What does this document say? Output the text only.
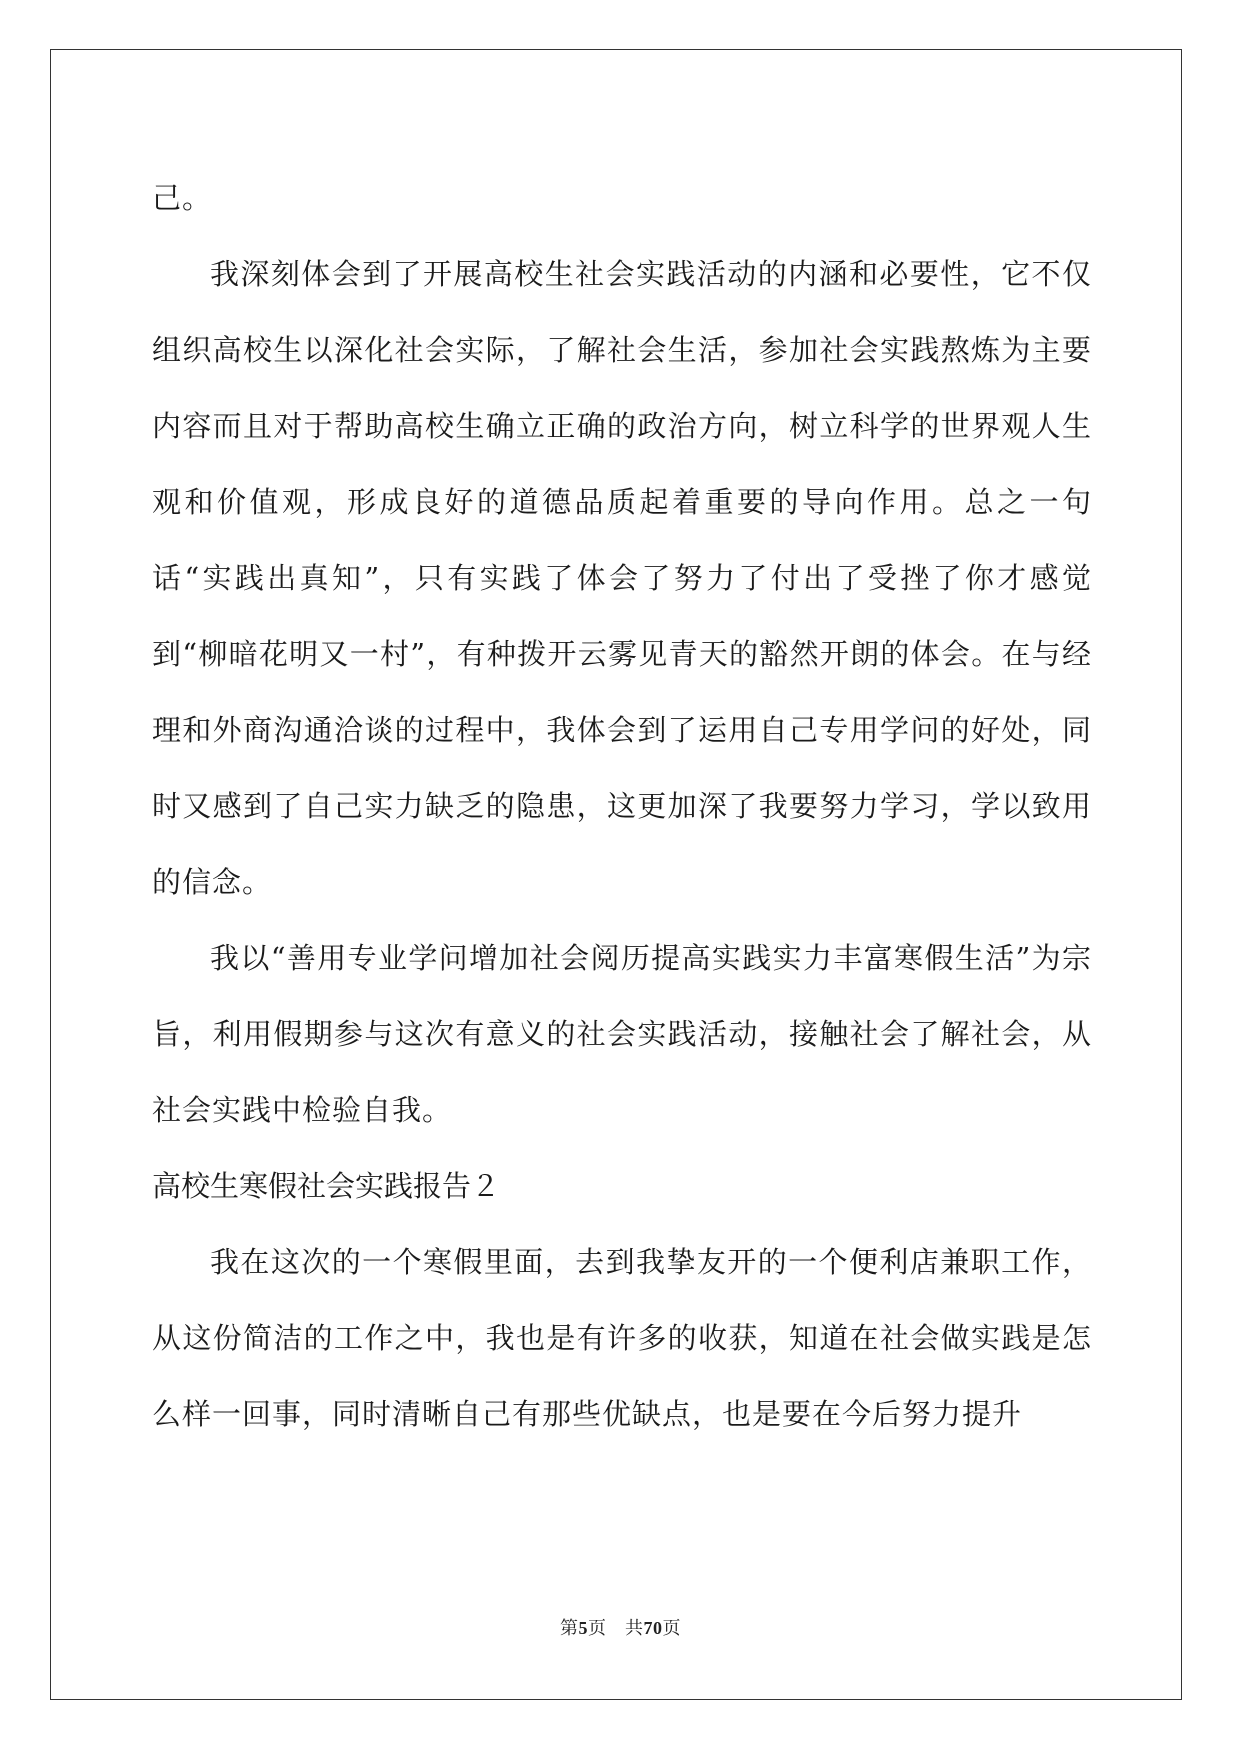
己。

我深刻体会到了开展高校生社会实践活动的内涵和必要性，它不仅组织高校生以深化社会实际，了解社会生活，参加社会实践熬炼为主要内容而且对于帮助高校生确立正确的政治方向，树立科学的世界观人生观和价值观，形成良好的道德品质起着重要的导向作用。总之一句话“实践出真知”，只有实践了体会了努力了付出了受挫了你才感觉到“柳暗花明又一村”，有种拨开云雾见青天的豁然开朗的体会。在与经理和外商沟通洽谈的过程中，我体会到了运用自己专用学问的好处，同时又感到了自己实力缺乏的隐患，这更加深了我要努力学习，学以致用的信念。

我以“善用专业学问增加社会阅历提高实践实力丰富寒假生活”为宗旨，利用假期参与这次有意义的社会实践活动，接触社会了解社会，从社会实践中检验自我。

高校生寒假社会实践报告２

我在这次的一个寒假里面，去到我挚友开的一个便利店兼职工作，从这份简洁的工作之中，我也是有许多的收获，知道在社会做实践是怎么样一回事，同时清晰自己有那些优缺点，也是要在今后努力提升

第5页　共70页
